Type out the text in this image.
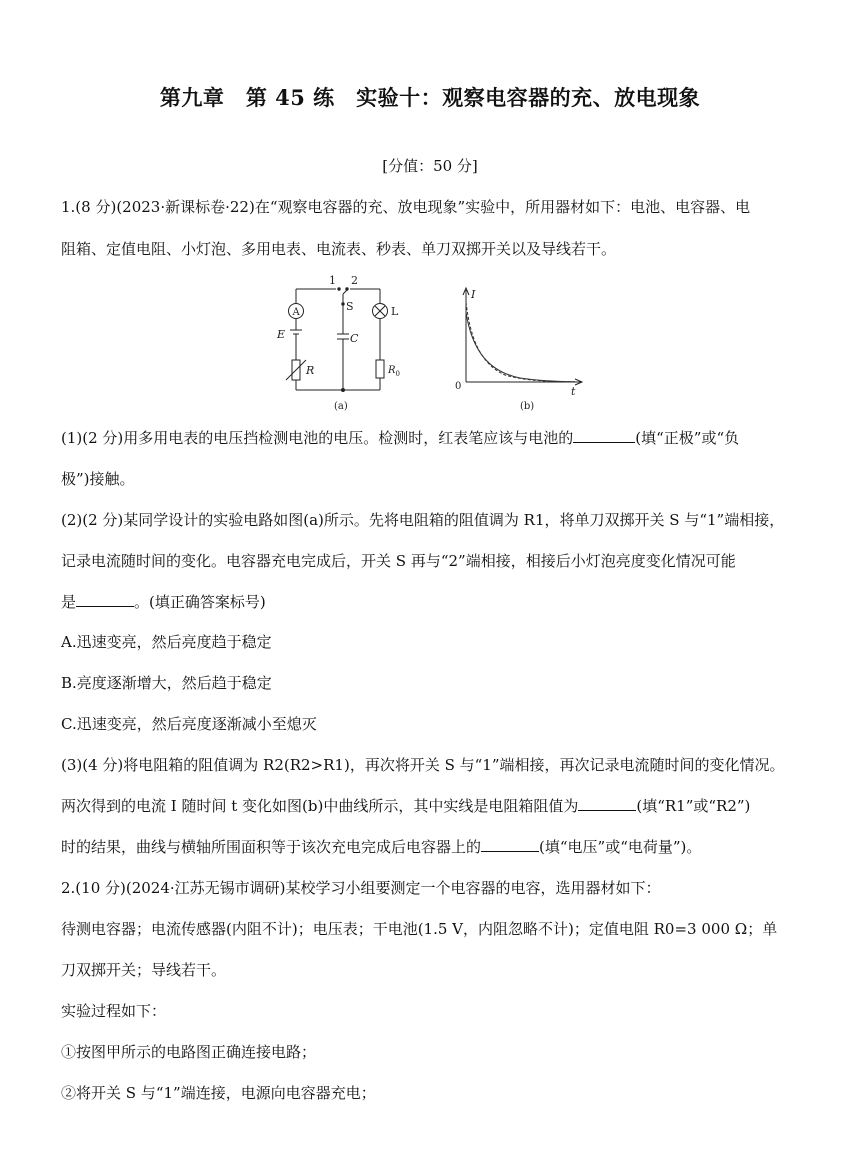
第九章　第 45 练　实验十：观察电容器的充、放电现象
[分值：50 分]
1.(8 分)(2023·新课标卷·22)在“观察电容器的充、放电现象”实验中，所用器材如下：电池、电容器、电
阻箱、定值电阻、小灯泡、多用电表、电流表、秒表、单刀双掷开关以及导线若干。
1 2
S
A	L
E	C
R	$R_0$
(a)
I
t
0
(b)
(1)(2 分)用多用电表的电压挡检测电池的电压。检测时，红表笔应该与电池的	(填“正极”或“负
极”)接触。
(2)(2 分)某同学设计的实验电路如图(a)所示。先将电阻箱的阻值调为 R1，将单刀双掷开关 S 与“1”端相接，
记录电流随时间的变化。电容器充电完成后，开关 S 再与“2”端相接，相接后小灯泡亮度变化情况可能
是	。(填正确答案标号)
A.迅速变亮，然后亮度趋于稳定
B.亮度逐渐增大，然后趋于稳定
C.迅速变亮，然后亮度逐渐减小至熄灭
(3)(4 分)将电阻箱的阻值调为 R2(R2>R1)，再次将开关 S 与“1”端相接，再次记录电流随时间的变化情况。
两次得到的电流 I 随时间 t 变化如图(b)中曲线所示，其中实线是电阻箱阻值为	(填“R1”或“R2”)
时的结果，曲线与横轴所围面积等于该次充电完成后电容器上的	(填“电压”或“电荷量”)。
2.(10 分)(2024·江苏无锡市调研)某校学习小组要测定一个电容器的电容，选用器材如下：
待测电容器；电流传感器(内阻不计)；电压表；干电池(1.5 V，内阻忽略不计)；定值电阻 R0=3 000 Ω；单
刀双掷开关；导线若干。
实验过程如下：
①按图甲所示的电路图正确连接电路；
②将开关 S 与“1”端连接，电源向电容器充电；
